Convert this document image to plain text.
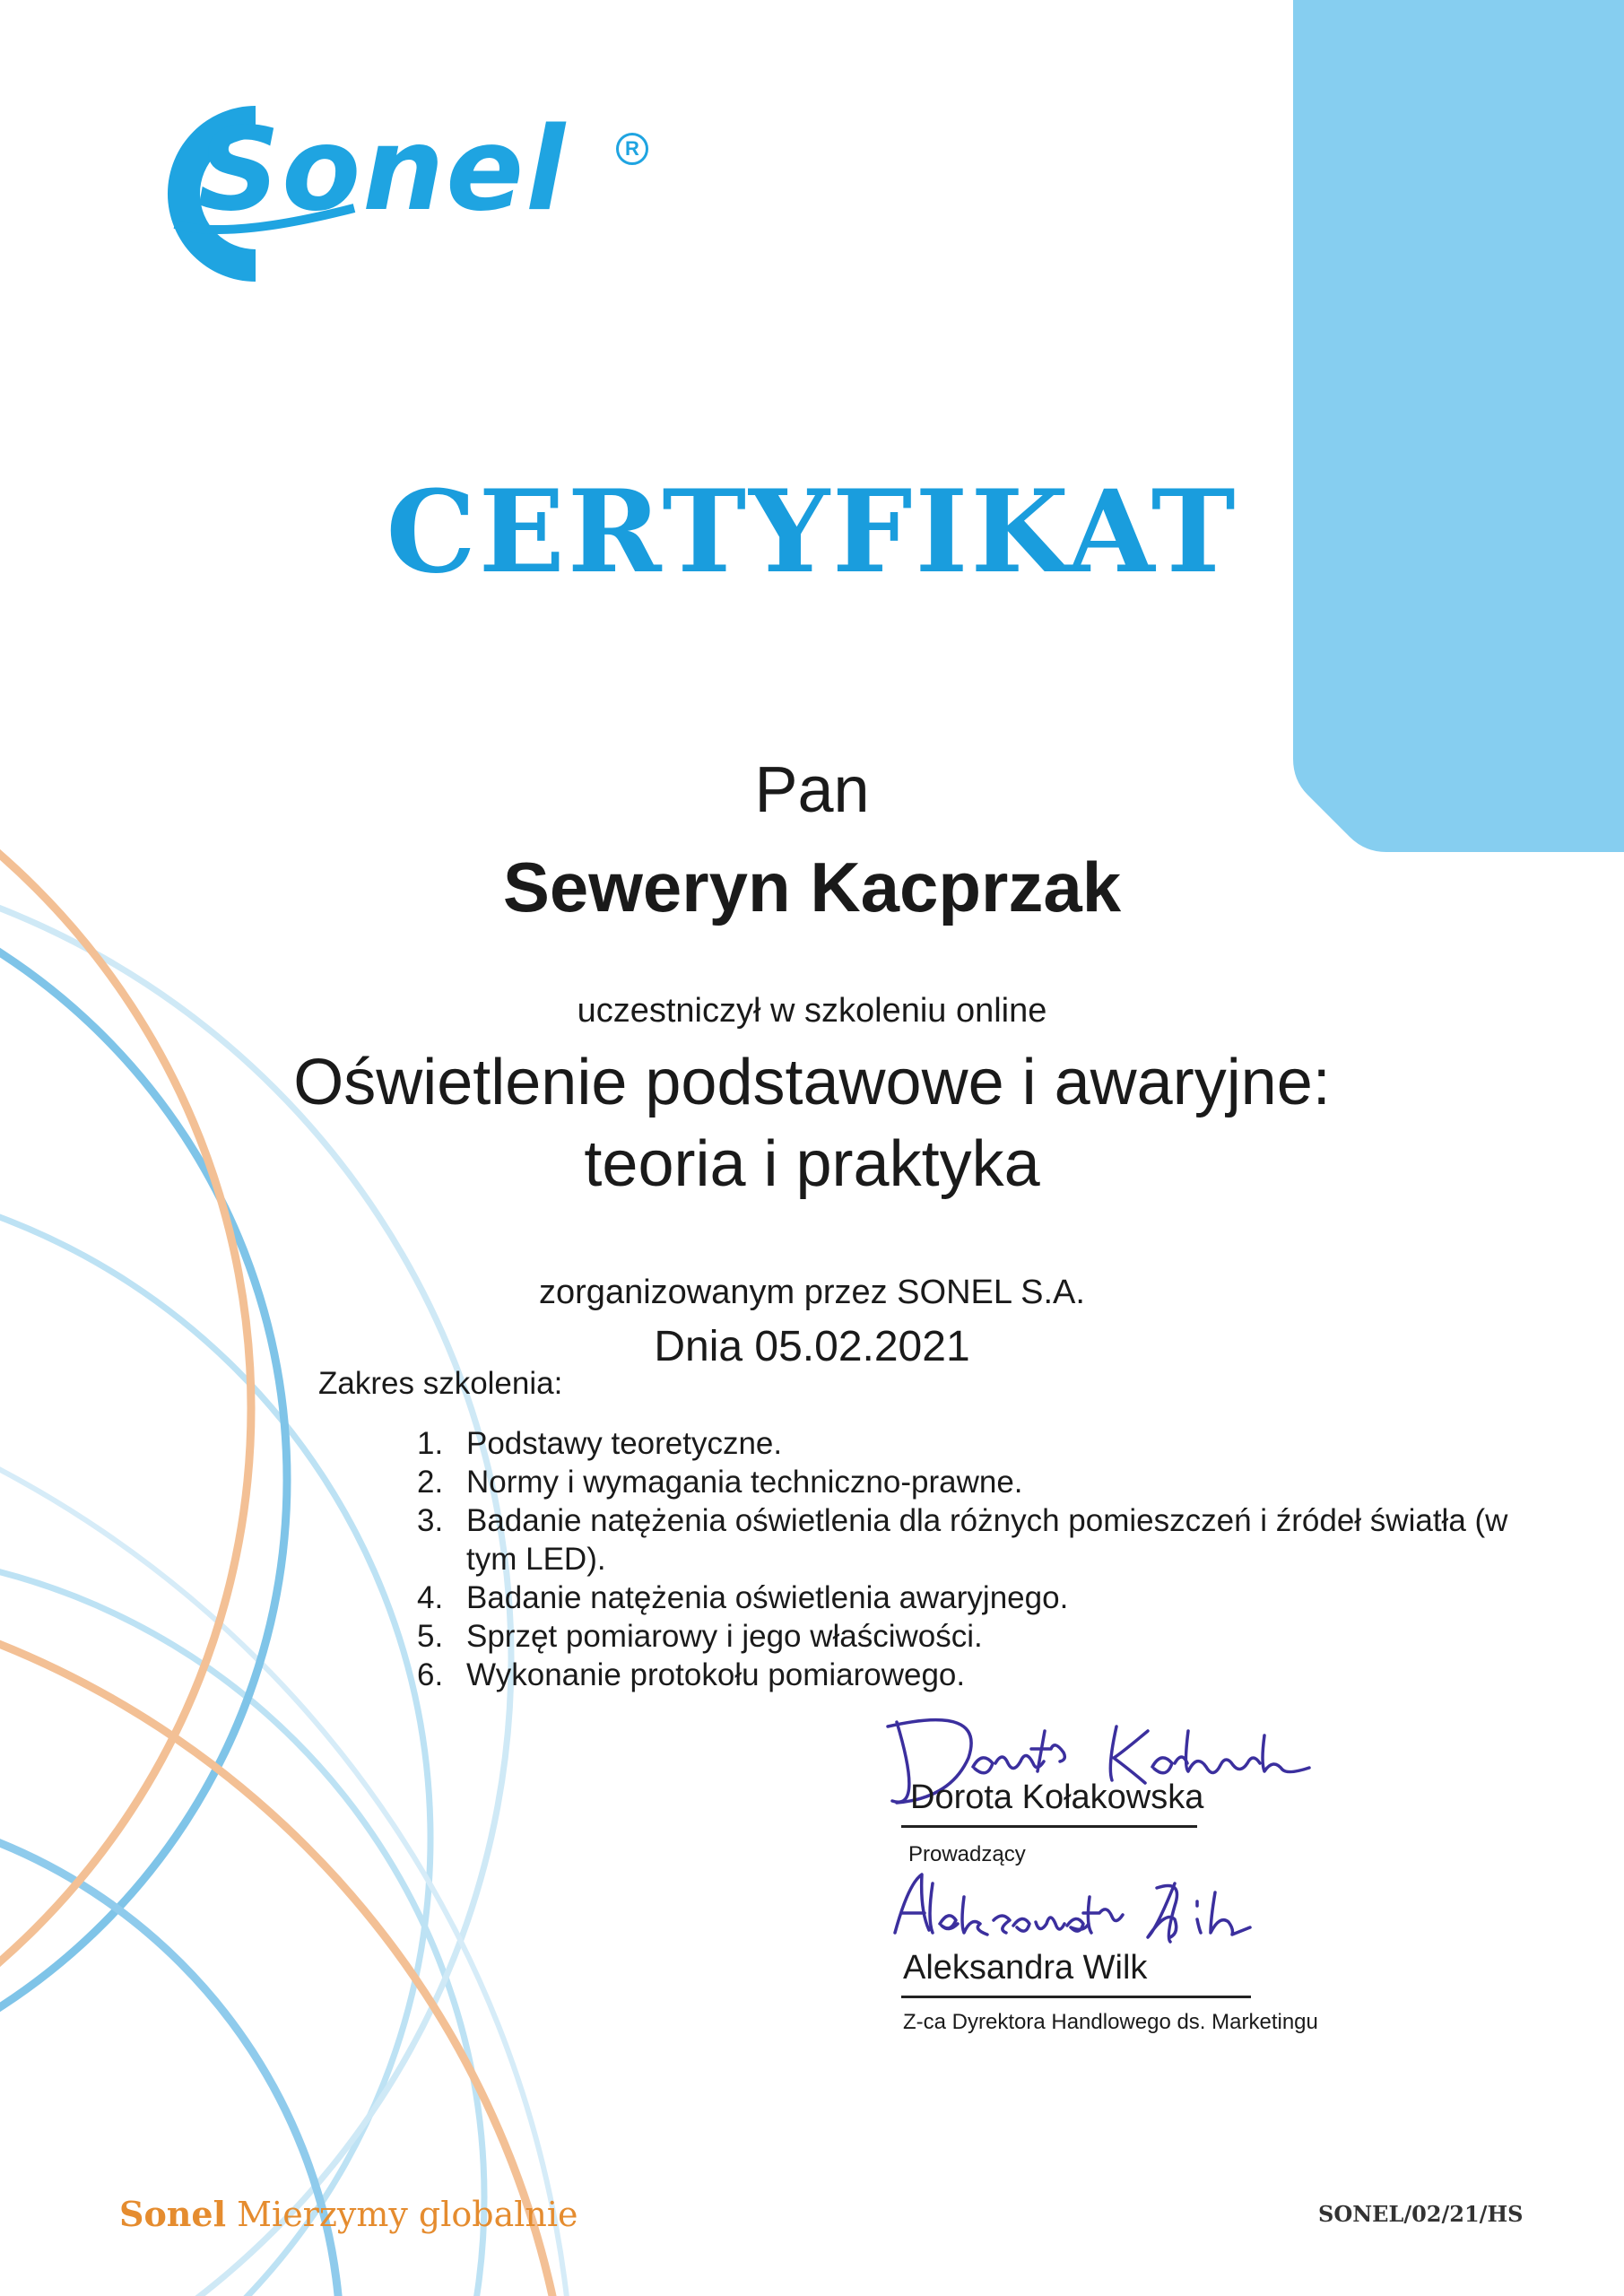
Sonel	R
CERTYFIKAT
Pan
Seweryn Kacprzak
uczestniczył w szkoleniu online
Oświetlenie podstawowe i awaryjne:
teoria i praktyka
zorganizowanym przez SONEL S.A.
Dnia 05.02.2021
Zakres szkolenia:
1. Podstawy teoretyczne.
2. Normy i wymagania techniczno-prawne.
3. Badanie natężenia oświetlenia dla różnych pomieszczeń i źródeł światła (w tym LED).
4. Badanie natężenia oświetlenia awaryjnego.
5. Sprzęt pomiarowy i jego właściwości.
6. Wykonanie protokołu pomiarowego.
Dorota Kołakowska
Prowadzący
Aleksandra Wilk
Z-ca Dyrektora Handlowego ds. Marketingu
Sonel Mierzymy globalnie	SONEL/02/21/HS
